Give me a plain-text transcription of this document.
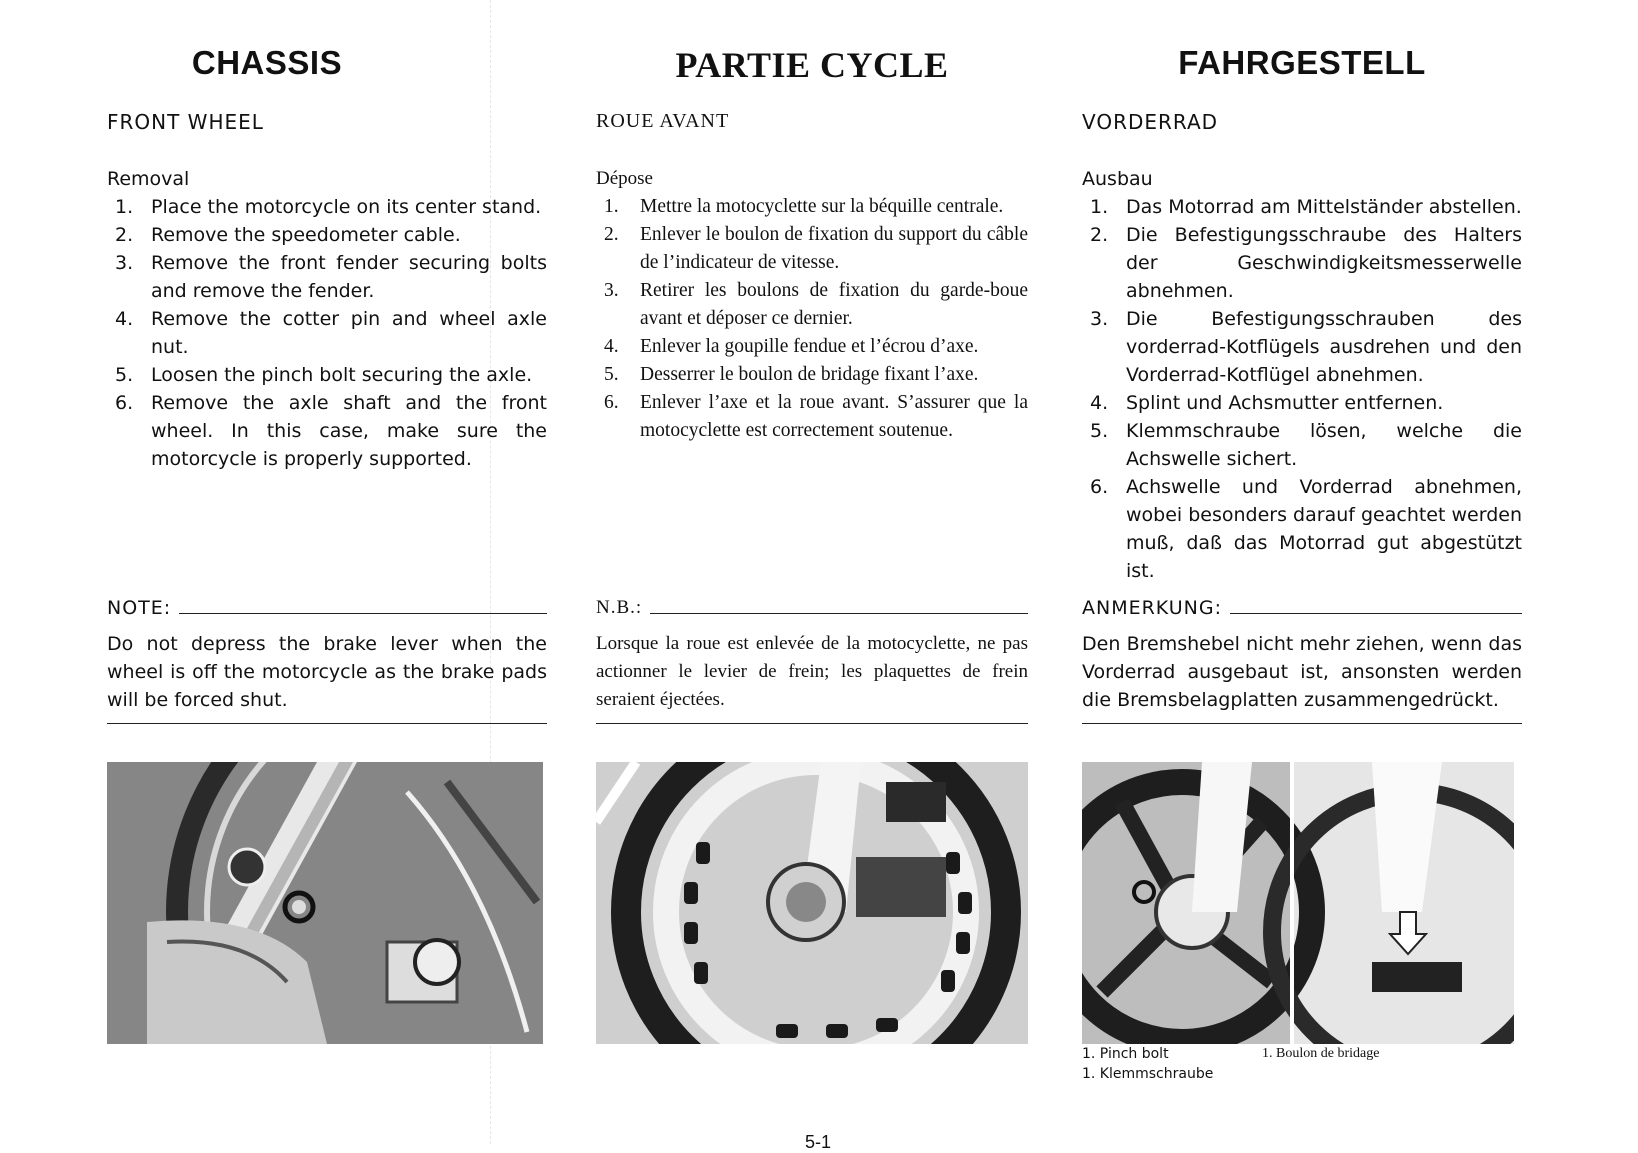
CHASSIS
FRONT WHEEL
Removal
1. Place the motorcycle on its center stand.
2. Remove the speedometer cable.
3. Remove the front fender securing bolts and remove the fender.
4. Remove the cotter pin and wheel axle nut.
5. Loosen the pinch bolt securing the axle.
6. Remove the axle shaft and the front wheel. In this case, make sure the motorcycle is properly supported.
NOTE:
Do not depress the brake lever when the wheel is off the motorcycle as the brake pads will be forced shut.
PARTIE CYCLE
ROUE AVANT
Dépose
1. Mettre la motocyclette sur la béquille centrale.
2. Enlever le boulon de fixation du support du câble de l’indicateur de vitesse.
3. Retirer les boulons de fixation du garde-boue avant et déposer ce dernier.
4. Enlever la goupille fendue et l’écrou d’axe.
5. Desserrer le boulon de bridage fixant l’axe.
6. Enlever l’axe et la roue avant. S’assurer que la motocyclette est correctement soutenue.
N.B.:
Lorsque la roue est enlevée de la motocyclette, ne pas actionner le levier de frein; les plaquettes de frein seraient éjectées.
FAHRGESTELL
VORDERRAD
Ausbau
1. Das Motorrad am Mittelständer abstellen.
2. Die Befestigungsschraube des Halters der Geschwindigkeitsmesserwelle abnehmen.
3. Die Befestigungsschrauben des vorderrad-Kotflügels ausdrehen und den Vorderrad-Kotflügel abnehmen.
4. Splint und Achsmutter entfernen.
5. Klemmschraube lösen, welche die Achswelle sichert.
6. Achswelle und Vorderrad abnehmen, wobei besonders darauf geachtet werden muß, daß das Motorrad gut abgestützt ist.
ANMERKUNG:
Den Bremshebel nicht mehr ziehen, wenn das Vorderrad ausgebaut ist, ansonsten werden die Bremsbelagplatten zusammengedrückt.
1. Pinch bolt	1. Boulon de bridage
1. Klemmschraube
5-1
